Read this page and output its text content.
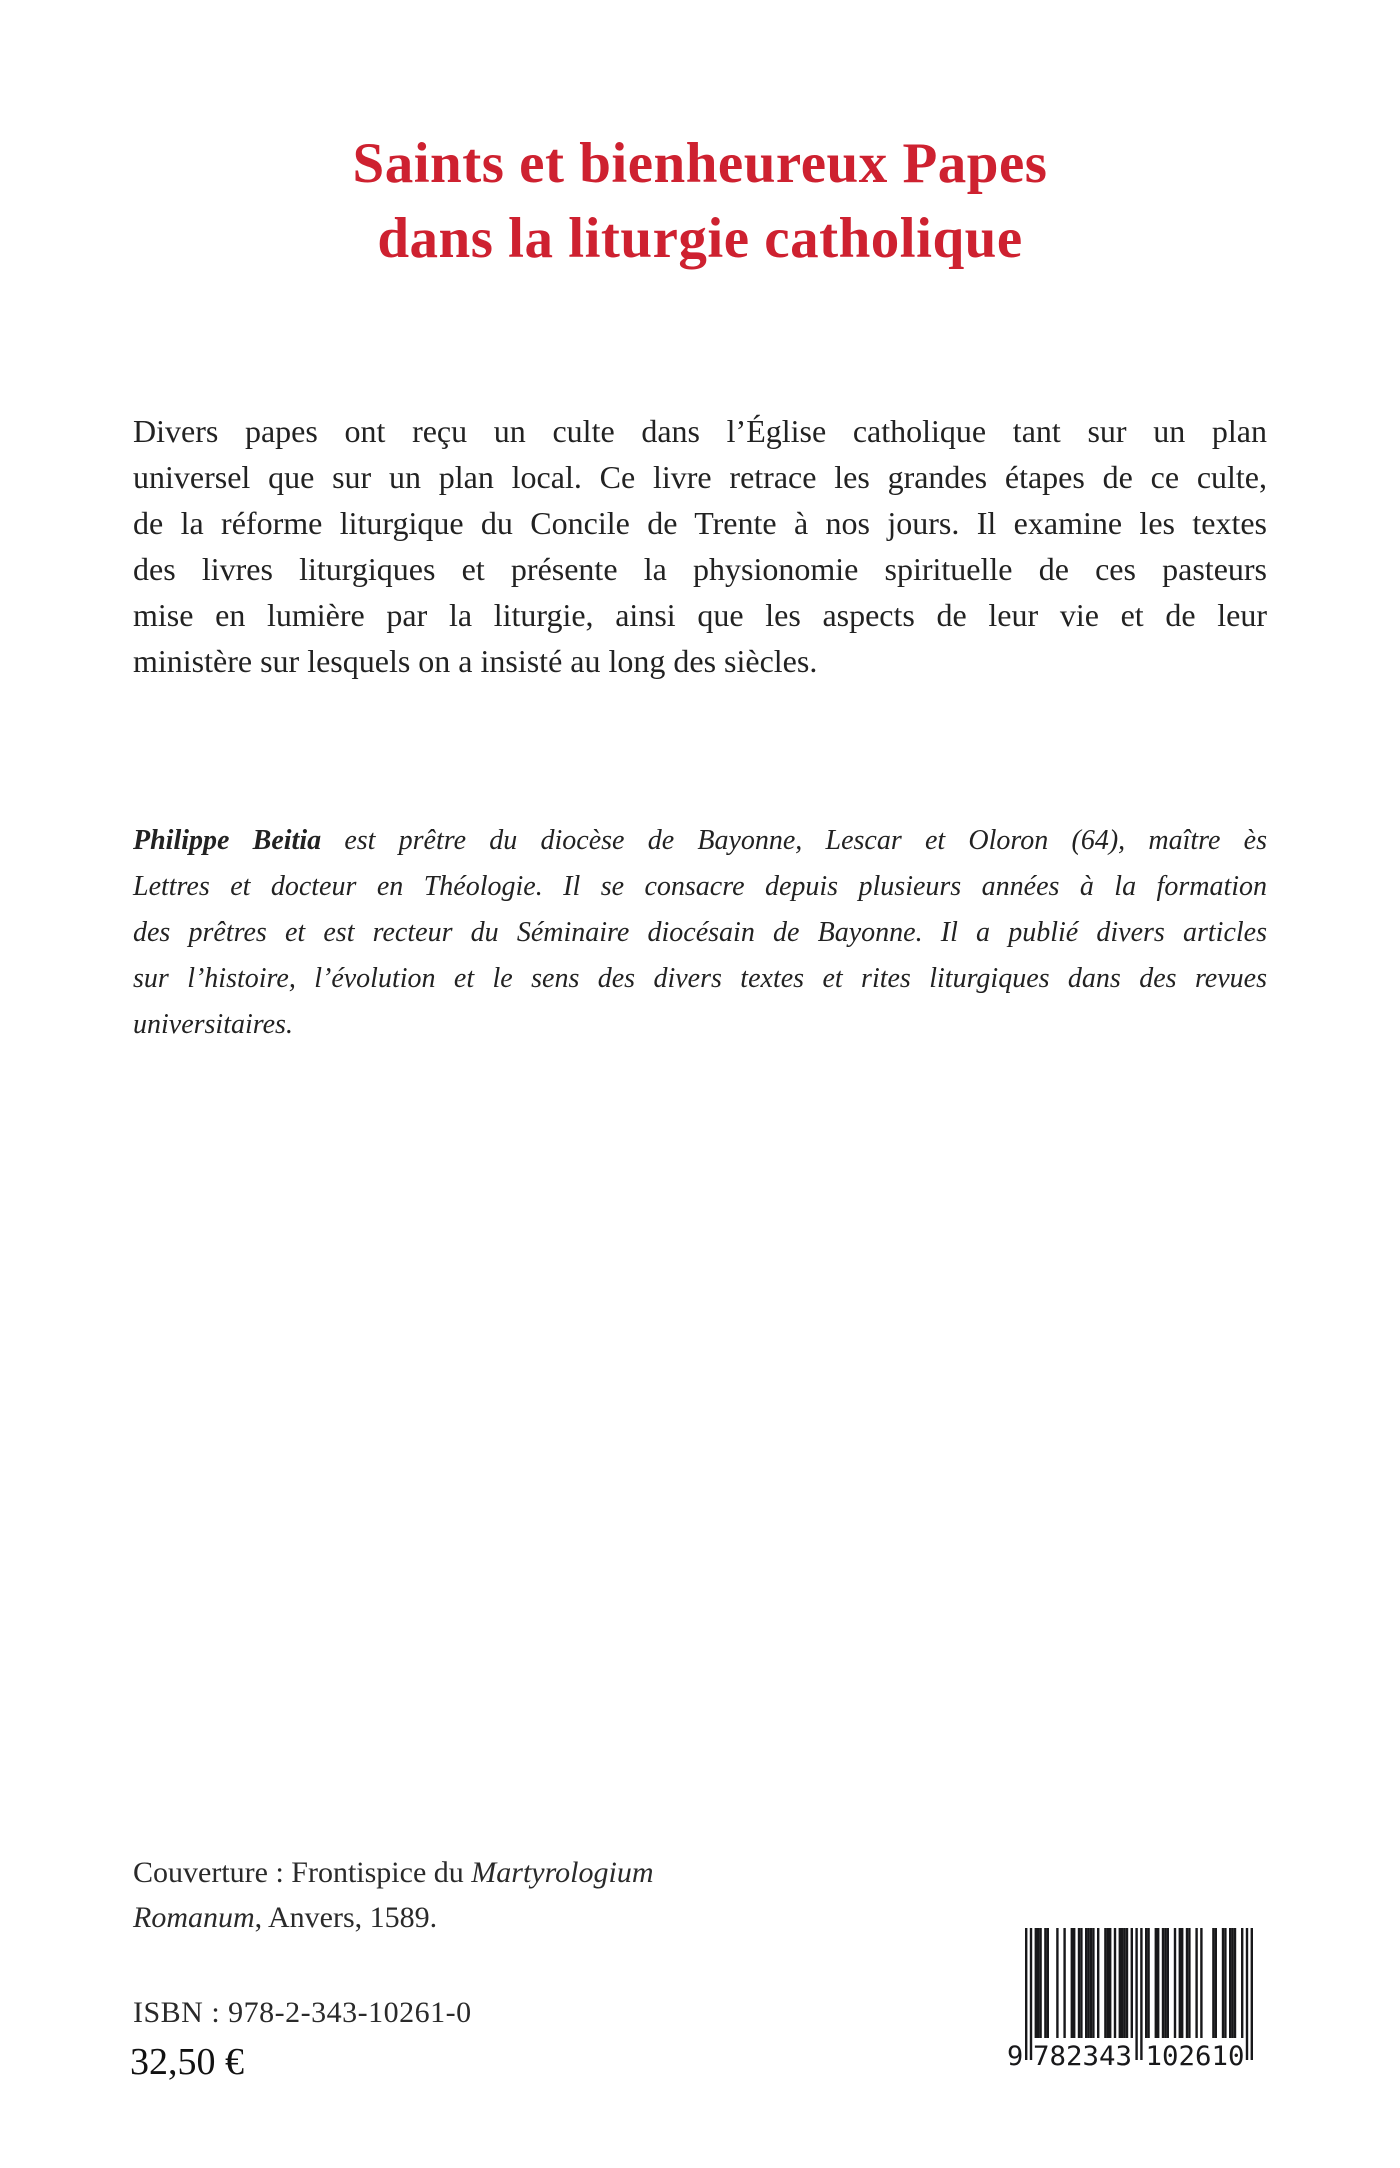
Saints et bienheureux Papes
dans la liturgie catholique
Divers papes ont reçu un culte dans l’Église catholique tant sur un plan
universel que sur un plan local. Ce livre retrace les grandes étapes de ce culte,
de la réforme liturgique du Concile de Trente à nos jours. Il examine les textes
des livres liturgiques et présente la physionomie spirituelle de ces pasteurs
mise en lumière par la liturgie, ainsi que les aspects de leur vie et de leur
ministère sur lesquels on a insisté au long des siècles.
Philippe Beitia est prêtre du diocèse de Bayonne, Lescar et Oloron (64), maître ès
Lettres et docteur en Théologie. Il se consacre depuis plusieurs années à la formation
des prêtres et est recteur du Séminaire diocésain de Bayonne. Il a publié divers articles
sur l’histoire, l’évolution et le sens des divers textes et rites liturgiques dans des revues
universitaires.
Couverture : Frontispice du Martyrologium
Romanum, Anvers, 1589.
ISBN : 978-2-343-10261-0
32,50 €	9 782343 102610
